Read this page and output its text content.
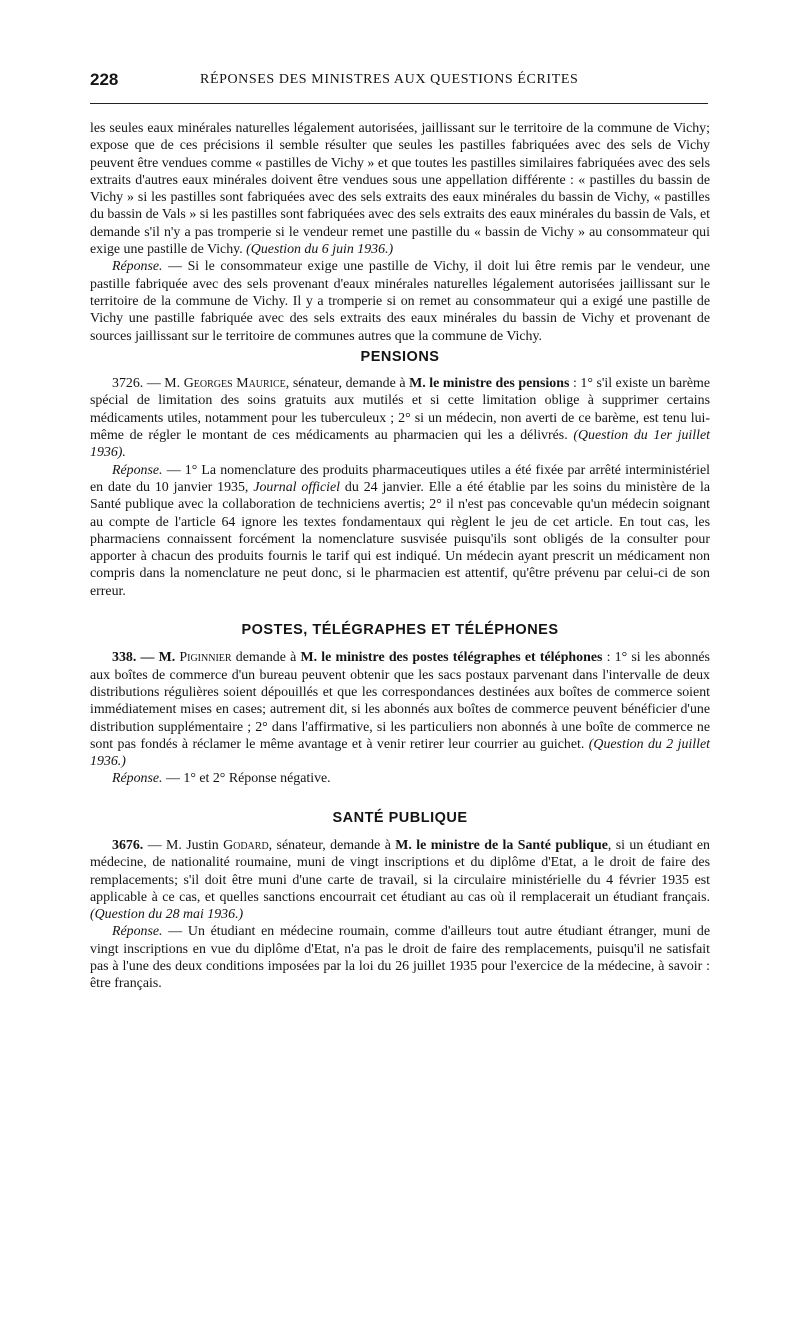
228	RÉPONSES DES MINISTRES AUX QUESTIONS ÉCRITES

les seules eaux minérales naturelles légalement autorisées, jaillissant sur le territoire de la commune de Vichy; expose que de ces précisions il semble résulter que seules les pastilles fabriquées avec des sels de Vichy peuvent être vendues comme « pastilles de Vichy » et que toutes les pastilles similaires fabriquées avec des sels extraits d'autres eaux minérales doivent être vendues sous une appellation différente : « pastilles du bassin de Vichy » si les pastilles sont fabriquées avec des sels extraits des eaux minérales du bassin de Vichy, « pastilles du bassin de Vals » si les pastilles sont fabriquées avec des sels extraits des eaux minérales du bassin de Vals, et demande s'il n'y a pas tromperie si le vendeur remet une pastille du « bassin de Vichy » au consommateur qui exige une pastille de Vichy. (Question du 6 juin 1936.)

Réponse. — Si le consommateur exige une pastille de Vichy, il doit lui être remis par le vendeur, une pastille fabriquée avec des sels provenant d'eaux minérales naturelles légalement autorisées jaillissant sur le territoire de la commune de Vichy. Il y a tromperie si on remet au consommateur qui a exigé une pastille de Vichy une pastille fabriquée avec des sels extraits des eaux minérales du bassin de Vichy et provenant de sources jaillissant sur le territoire de communes autres que la commune de Vichy.

PENSIONS

3726. — M. Georges Maurice, sénateur, demande à M. le ministre des pensions : 1° s'il existe un barème spécial de limitation des soins gratuits aux mutilés et si cette limitation oblige à supprimer certains médicaments utiles, notamment pour les tuberculeux ; 2° si un médecin, non averti de ce barème, est tenu lui-même de régler le montant de ces médicaments au pharmacien qui les a délivrés. (Question du 1er juillet 1936).

Réponse. — 1° La nomenclature des produits pharmaceutiques utiles a été fixée par arrêté interministériel en date du 10 janvier 1935, Journal officiel du 24 janvier. Elle a été établie par les soins du ministère de la Santé publique avec la collaboration de techniciens avertis; 2° il n'est pas concevable qu'un médecin soignant au compte de l'article 64 ignore les textes fondamentaux qui règlent le jeu de cet article. En tout cas, les pharmaciens connaissent forcément la nomenclature susvisée puisqu'ils sont obligés de la consulter pour apporter à chacun des produits fournis le tarif qui est indiqué. Un médecin ayant prescrit un médicament non compris dans la nomenclature ne peut donc, si le pharmacien est attentif, qu'être prévenu par celui-ci de son erreur.

POSTES, TÉLÉGRAPHES ET TÉLÉPHONES

338. — M. Piginnier demande à M. le ministre des postes télégraphes et téléphones : 1° si les abonnés aux boîtes de commerce d'un bureau peuvent obtenir que les sacs postaux parvenant dans l'intervalle de deux distributions régulières soient dépouillés et que les correspondances destinées aux boîtes de commerce soient immédiatement mises en cases; autrement dit, si les abonnés aux boîtes de commerce peuvent bénéficier d'une distribution supplémentaire ; 2° dans l'affirmative, si les particuliers non abonnés à une boîte de commerce ne sont pas fondés à réclamer le même avantage et à venir retirer leur courrier au guichet. (Question du 2 juillet 1936.)

Réponse. — 1° et 2° Réponse négative.

SANTÉ PUBLIQUE

3676. — M. Justin Godard, sénateur, demande à M. le ministre de la Santé publique, si un étudiant en médecine, de nationalité roumaine, muni de vingt inscriptions et du diplôme d'Etat, a le droit de faire des remplacements; s'il doit être muni d'une carte de travail, si la circulaire ministérielle du 4 février 1935 est applicable à ce cas, et quelles sanctions encourrait cet étudiant au cas où il remplacerait un étudiant français. (Question du 28 mai 1936.)

Réponse. — Un étudiant en médecine roumain, comme d'ailleurs tout autre étudiant étranger, muni de vingt inscriptions en vue du diplôme d'Etat, n'a pas le droit de faire des remplacements, puisqu'il ne satisfait pas à l'une des deux conditions imposées par la loi du 26 juillet 1935 pour l'exercice de la médecine, à savoir : être français.
